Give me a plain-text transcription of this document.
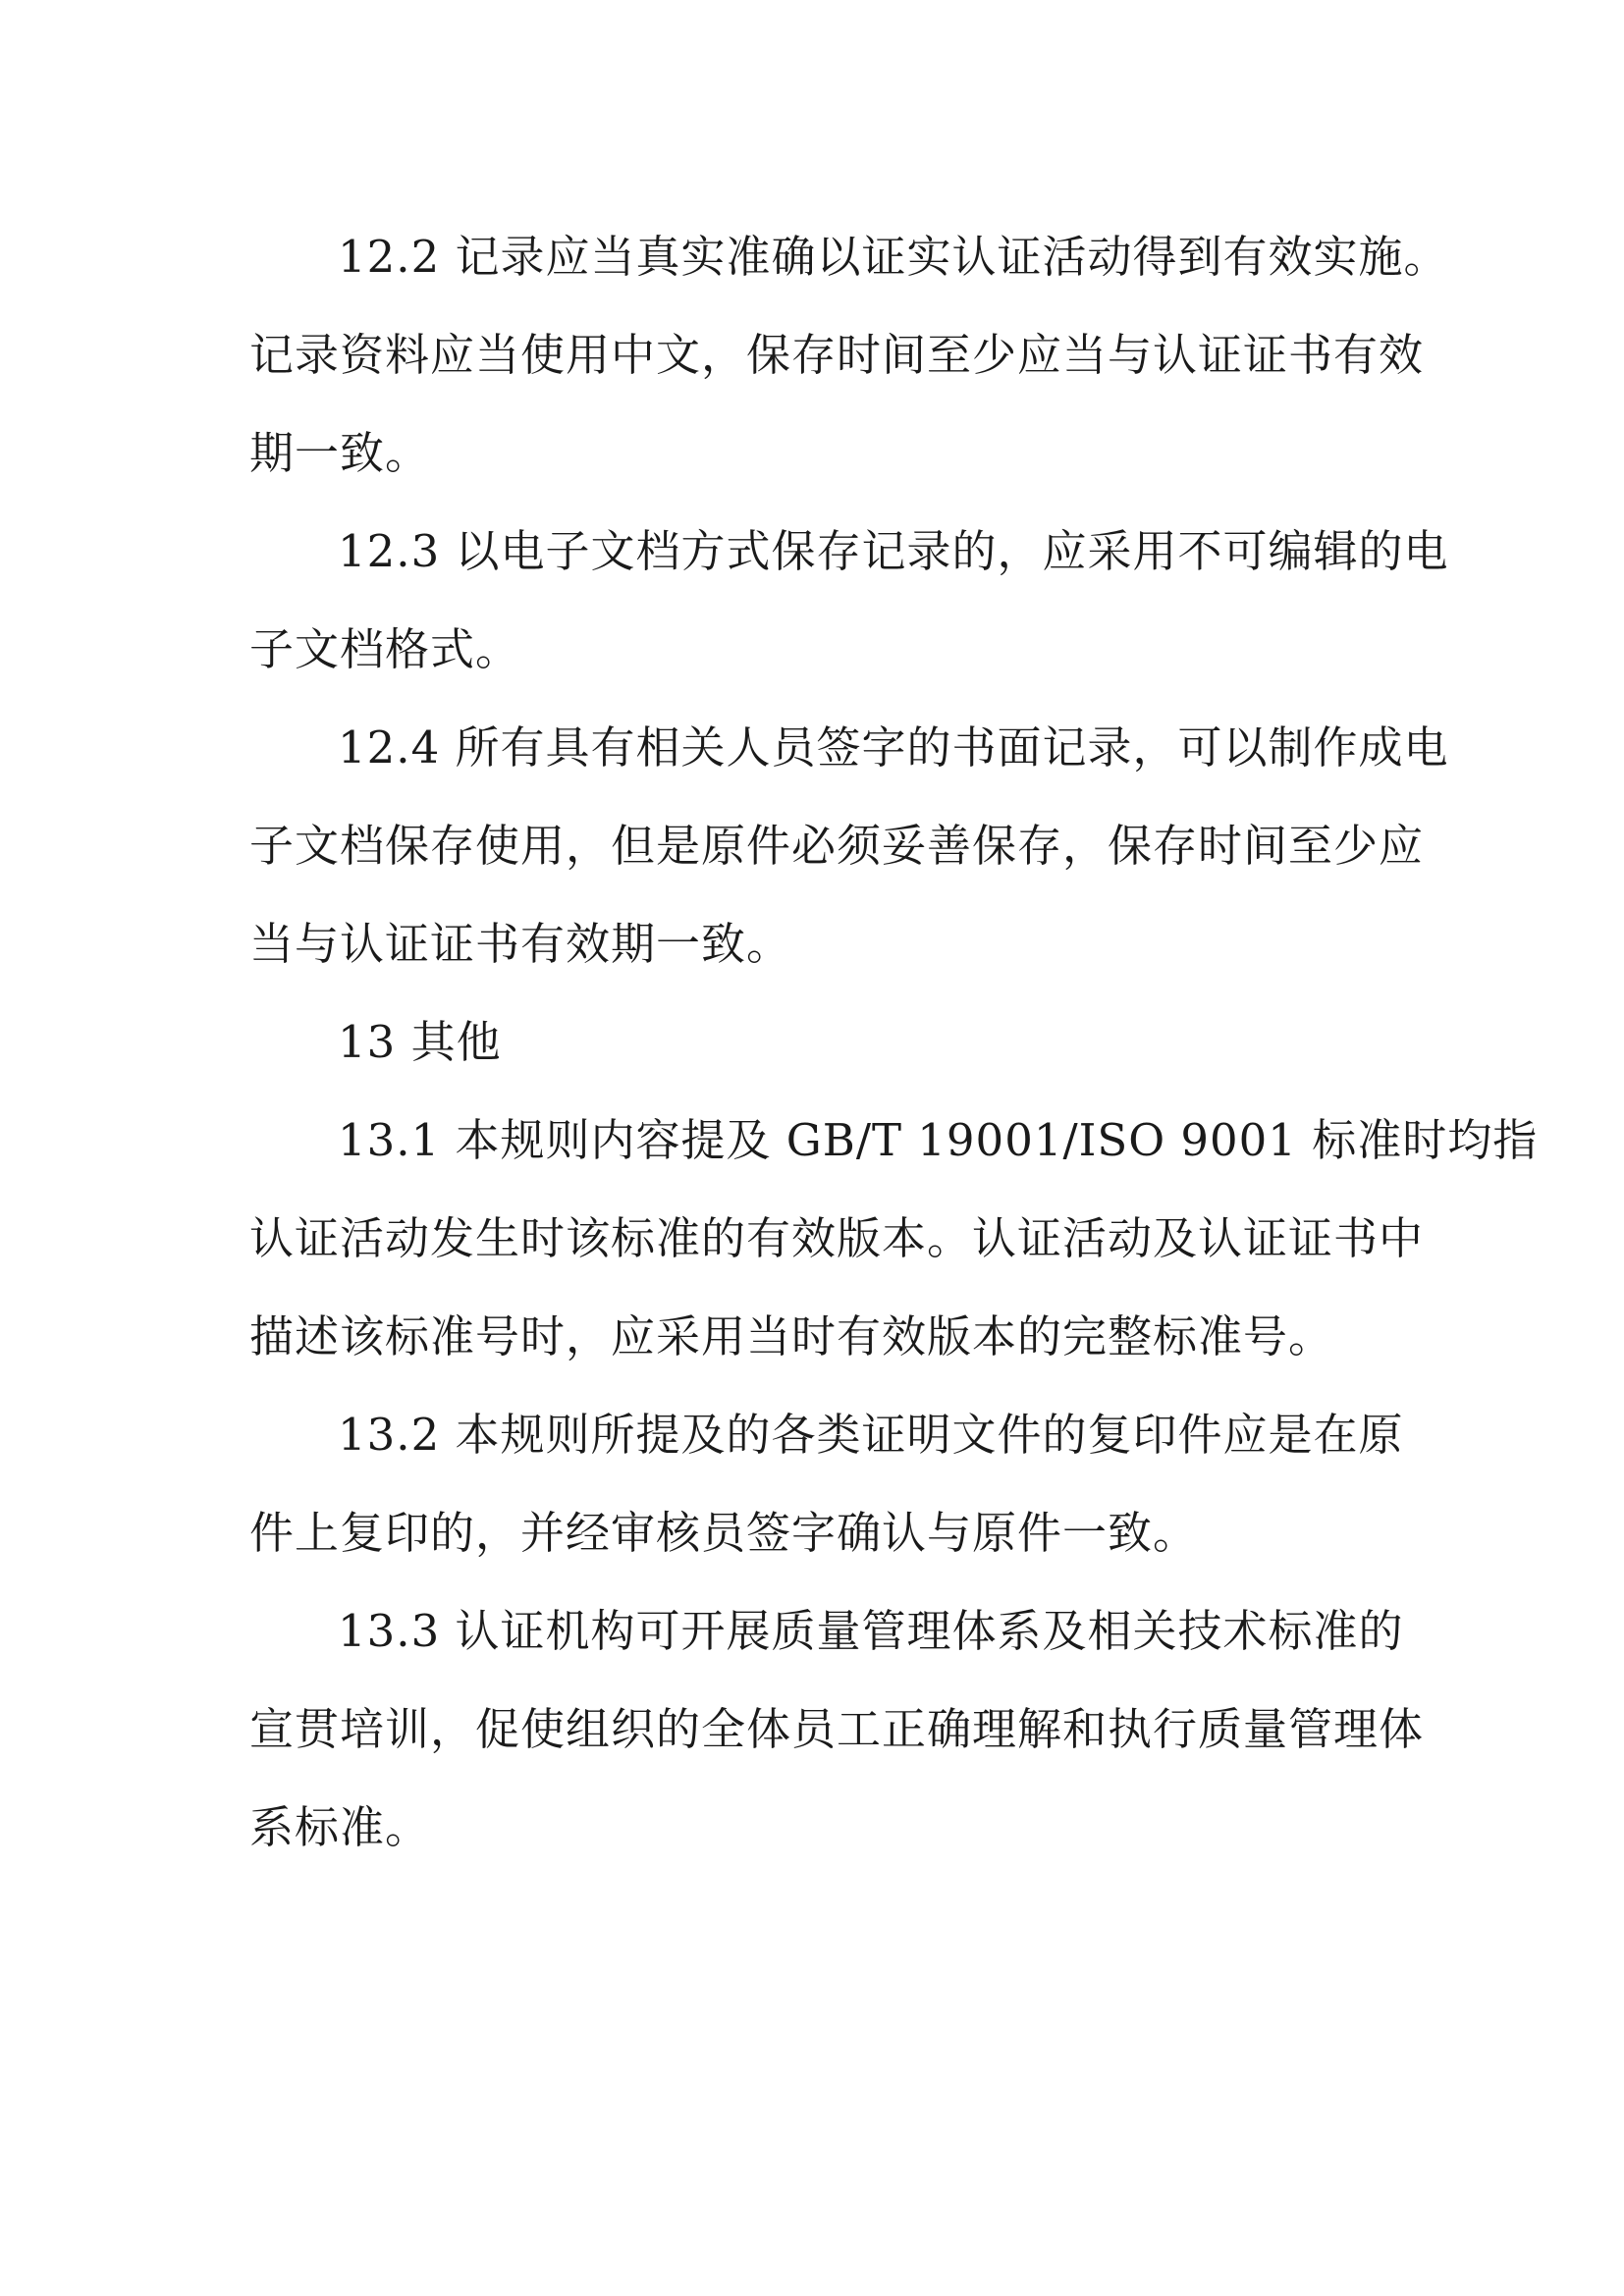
12.2 记录应当真实准确以证实认证活动得到有效实施。
记录资料应当使用中文，保存时间至少应当与认证证书有效
期一致。

12.3 以电子文档方式保存记录的，应采用不可编辑的电
子文档格式。

12.4 所有具有相关人员签字的书面记录，可以制作成电
子文档保存使用，但是原件必须妥善保存，保存时间至少应
当与认证证书有效期一致。

13 其他

13.1 本规则内容提及 GB/T 19001/ISO 9001 标准时均指
认证活动发生时该标准的有效版本。认证活动及认证证书中
描述该标准号时，应采用当时有效版本的完整标准号。

13.2 本规则所提及的各类证明文件的复印件应是在原
件上复印的，并经审核员签字确认与原件一致。

13.3 认证机构可开展质量管理体系及相关技术标准的
宣贯培训，促使组织的全体员工正确理解和执行质量管理体
系标准。
